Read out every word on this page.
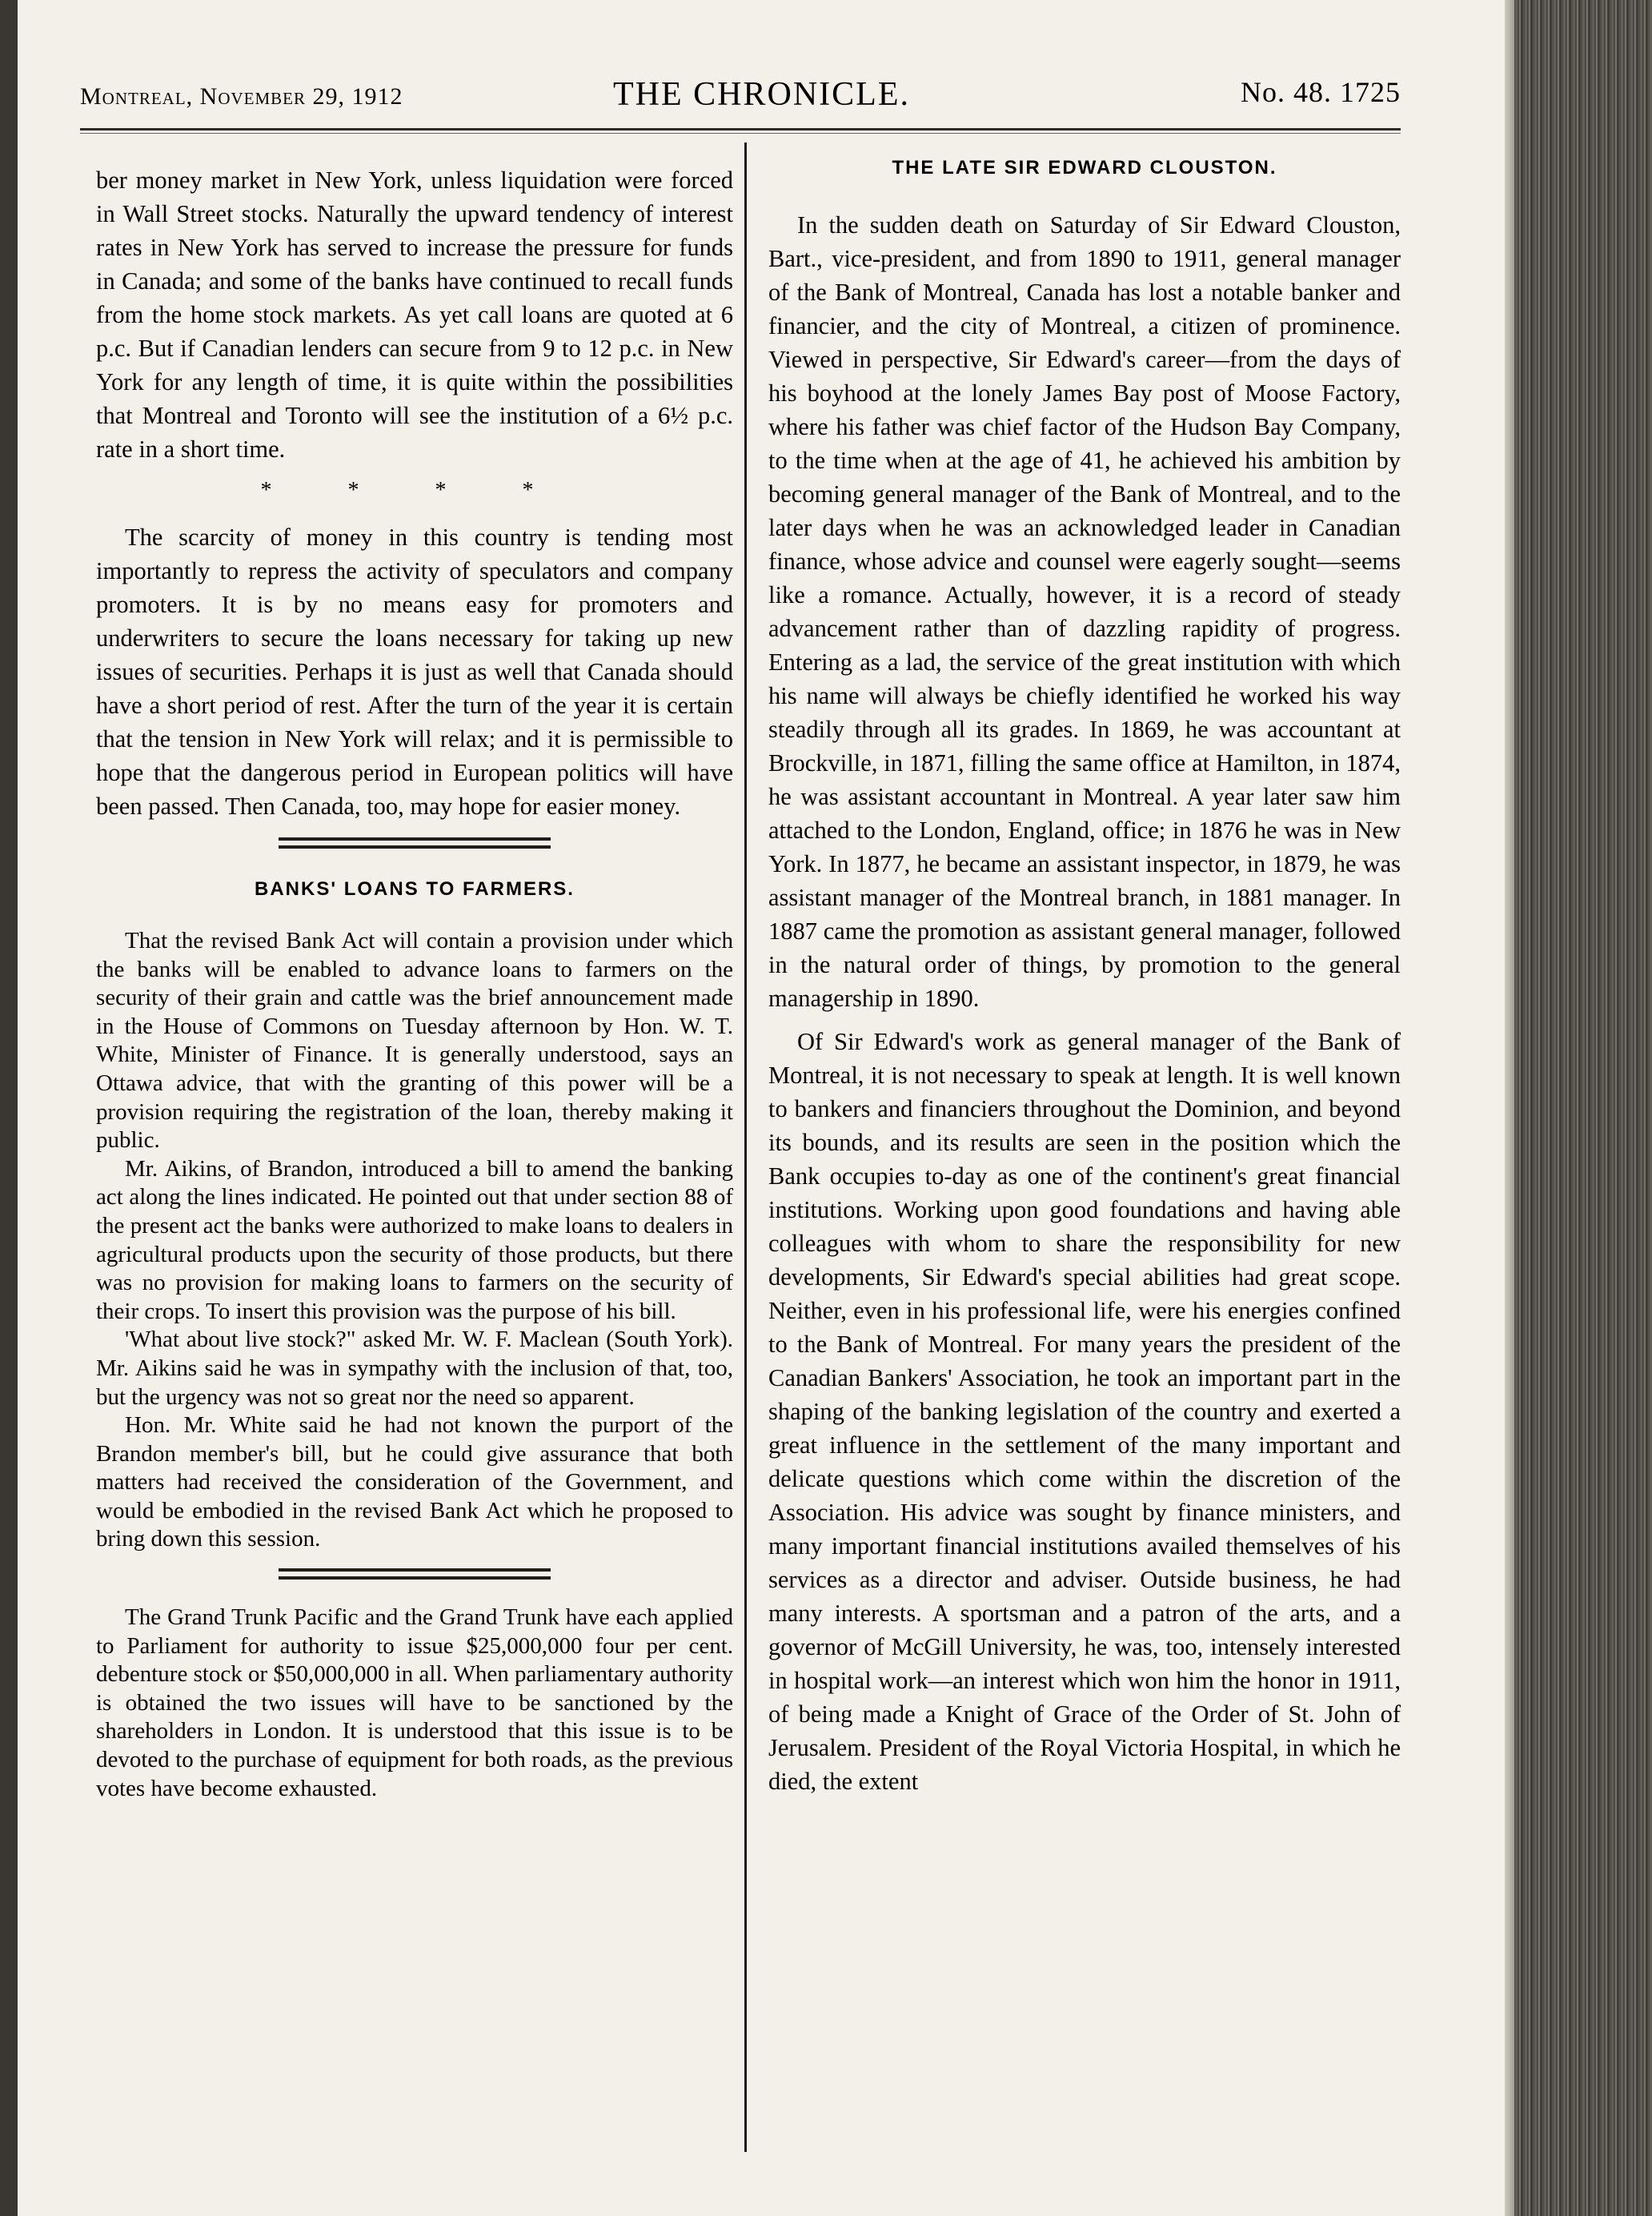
Montreal, November 29, 1912	THE CHRONICLE.	No. 48. 1725

ber money market in New York, unless liquidation were forced in Wall Street stocks. Naturally the upward tendency of interest rates in New York has served to increase the pressure for funds in Canada; and some of the banks have continued to recall funds from the home stock markets. As yet call loans are quoted at 6 p.c. But if Canadian lenders can secure from 9 to 12 p.c. in New York for any length of time, it is quite within the possibilities that Montreal and Toronto will see the institution of a 6½ p.c. rate in a short time.

* * * *

The scarcity of money in this country is tending most importantly to repress the activity of speculators and company promoters. It is by no means easy for promoters and underwriters to secure the loans necessary for taking up new issues of securities. Perhaps it is just as well that Canada should have a short period of rest. After the turn of the year it is certain that the tension in New York will relax; and it is permissible to hope that the dangerous period in European politics will have been passed. Then Canada, too, may hope for easier money.

BANKS' LOANS TO FARMERS.

That the revised Bank Act will contain a provision under which the banks will be enabled to advance loans to farmers on the security of their grain and cattle was the brief announcement made in the House of Commons on Tuesday afternoon by Hon. W. T. White, Minister of Finance. It is generally understood, says an Ottawa advice, that with the granting of this power will be a provision requiring the registration of the loan, thereby making it public.

Mr. Aikins, of Brandon, introduced a bill to amend the banking act along the lines indicated. He pointed out that under section 88 of the present act the banks were authorized to make loans to dealers in agricultural products upon the security of those products, but there was no provision for making loans to farmers on the security of their crops. To insert this provision was the purpose of his bill.

'What about live stock?" asked Mr. W. F. Maclean (South York). Mr. Aikins said he was in sympathy with the inclusion of that, too, but the urgency was not so great nor the need so apparent.

Hon. Mr. White said he had not known the purport of the Brandon member's bill, but he could give assurance that both matters had received the consideration of the Government, and would be embodied in the revised Bank Act which he proposed to bring down this session.

The Grand Trunk Pacific and the Grand Trunk have each applied to Parliament for authority to issue $25,000,000 four per cent. debenture stock or $50,000,000 in all. When parliamentary authority is obtained the two issues will have to be sanctioned by the shareholders in London. It is understood that this issue is to be devoted to the purchase of equipment for both roads, as the previous votes have become exhausted.

THE LATE SIR EDWARD CLOUSTON.

In the sudden death on Saturday of Sir Edward Clouston, Bart., vice-president, and from 1890 to 1911, general manager of the Bank of Montreal, Canada has lost a notable banker and financier, and the city of Montreal, a citizen of prominence. Viewed in perspective, Sir Edward's career—from the days of his boyhood at the lonely James Bay post of Moose Factory, where his father was chief factor of the Hudson Bay Company, to the time when at the age of 41, he achieved his ambition by becoming general manager of the Bank of Montreal, and to the later days when he was an acknowledged leader in Canadian finance, whose advice and counsel were eagerly sought—seems like a romance. Actually, however, it is a record of steady advancement rather than of dazzling rapidity of progress. Entering as a lad, the service of the great institution with which his name will always be chiefly identified he worked his way steadily through all its grades. In 1869, he was accountant at Brockville, in 1871, filling the same office at Hamilton, in 1874, he was assistant accountant in Montreal. A year later saw him attached to the London, England, office; in 1876 he was in New York. In 1877, he became an assistant inspector, in 1879, he was assistant manager of the Montreal branch, in 1881 manager. In 1887 came the promotion as assistant general manager, followed in the natural order of things, by promotion to the general managership in 1890.

Of Sir Edward's work as general manager of the Bank of Montreal, it is not necessary to speak at length. It is well known to bankers and financiers throughout the Dominion, and beyond its bounds, and its results are seen in the position which the Bank occupies to-day as one of the continent's great financial institutions. Working upon good foundations and having able colleagues with whom to share the responsibility for new developments, Sir Edward's special abilities had great scope. Neither, even in his professional life, were his energies confined to the Bank of Montreal. For many years the president of the Canadian Bankers' Association, he took an important part in the shaping of the banking legislation of the country and exerted a great influence in the settlement of the many important and delicate questions which come within the discretion of the Association. His advice was sought by finance ministers, and many important financial institutions availed themselves of his services as a director and adviser. Outside business, he had many interests. A sportsman and a patron of the arts, and a governor of McGill University, he was, too, intensely interested in hospital work—an interest which won him the honor in 1911, of being made a Knight of Grace of the Order of St. John of Jerusalem. President of the Royal Victoria Hospital, in which he died, the extent
